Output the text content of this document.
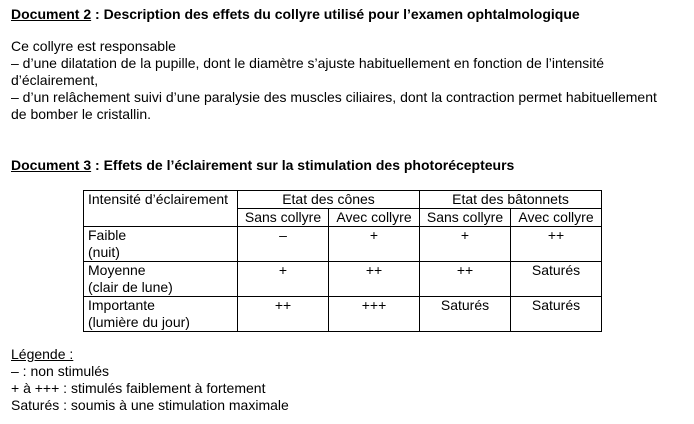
Document 2 : Description des effets du collyre utilisé pour l’examen ophtalmologique
Ce collyre est responsable
– d’une dilatation de la pupille, dont le diamètre s’ajuste habituellement en fonction de l’intensité
d’éclairement,
– d’un relâchement suivi d’une paralysie des muscles ciliaires, dont la contraction permet habituellement
de bomber le cristallin.
Document 3 : Effets de l’éclairement sur la stimulation des photorécepteurs
Intensité d’éclairement	Etat des cônes		Etat des bâtonnets	
	Sans collyre	Avec collyre	Sans collyre	Avec collyre

Faible
(nuit)	–	+	+	++

Moyenne
(clair de lune)	+	++	++	Saturés

Importante
(lumière du jour)	++	+++	Saturés	Saturés
Légende :
– : non stimulés
+ à +++ : stimulés faiblement à fortement
Saturés : soumis à une stimulation maximale
